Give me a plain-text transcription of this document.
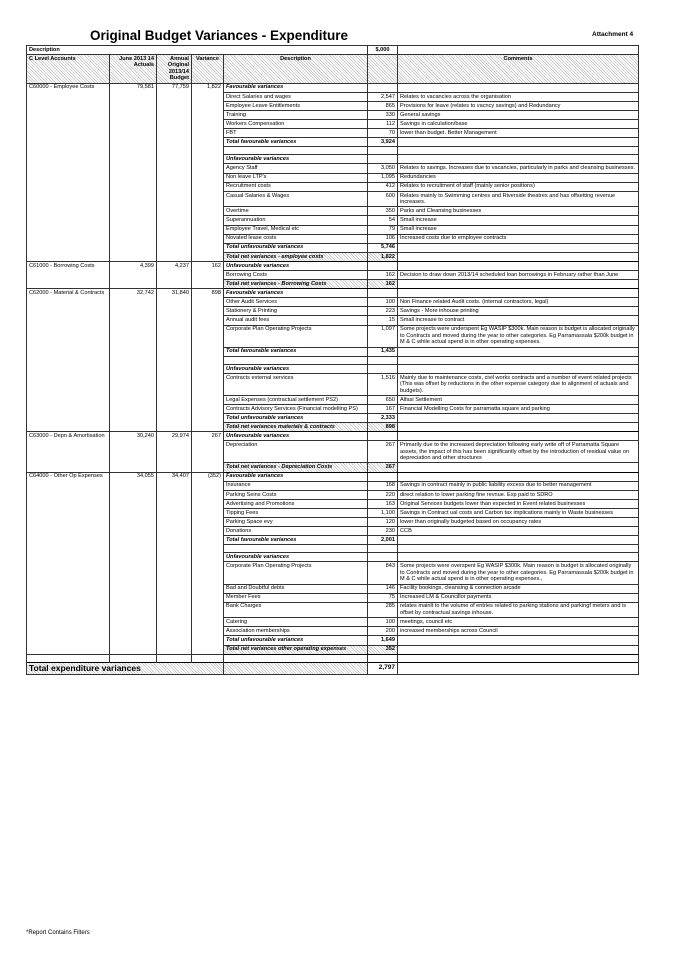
Original Budget Variances - Expenditure	Attachment 4
Description					$,000	
C Level Accounts	June 2013 14 Actuals	Annual Original 2013/14 Budget	Variance	Description		Comments
C60000 - Employee Costs	79,581	77,759	1,822	Favourable variances		
				Direct Salaries and wages	2,547	Relates to vacancies across the organisation
				Employee Leave Entitlements	865	Provisions for leave (relates to vacncy savings) and Redundancy
				Training	330	General savings
				Workers Compensation	112	Savings in calculation/base
				FBT	70	lower than budget. Better Management
				Total favourable variances	3,924	

				Unfavourable variances		
				Agency Staff	3,050	Relates to savings. Increases due to vacancies, particularly in parks and cleansing businesses.
				Non leave LTP's	1,095	Redundancies
				Recruitment costs	412	Relates to recruitment of staff (mainly senior positions)
				Casual Salaries & Wages	600	Relates mainly to Swimming centres and Riverside theatres and has offsetting revenue increases.
				Overtime	350	Parks and Cleansing businesses
				Superannuation	54	Small increase
				Employee Travel, Medical etc	79	Small increase
				Novated lease costs	106	Increased costs due to employee contracts
				Total unfavourable variances	5,746	
				Total net variances - employee costs	1,822	
C61000 - Borrowing Costs	4,399	4,237	162	Unfavourable variances		
				Borrowing Costs	162	Decision to draw down 2013/14 scheduled loan borrowings in February rather than June
				Total net variances - Borrowing Costs	162	
C62000 - Material & Contracts	32,742	31,840	898	Favourable variances		
				Other Audit Services	100	Non Finance related Audit costs. (internal contractors, legal)
				Stationery & Printing	223	Savings - More inhouse printing
				Annual audit fees	15	Small increase to contract
				Corporate Plan Operating Projects	1,097	Some projects were underspent Eg WASIP $300k. Main reason is budget is allocated originally to Contracts and moved during the year to other categories. Eg Parramassala $200k budget in M & C while actual spend is in other operating expenses.
				Total favourable variances	1,435	

				Unfavourable variances		
				Contracts external services	1,516	Mainly due to maintenance costs, civil works contracts and a number of event related projects (This was offset by reductions in the other expense category due to alignment of actuals and budgets).
				Legal Expenses (contractual settlement PS2)	650	Alfasi Settlement
				Contracts Advisory Services (Financial modelling PS)	167	Financial Modelling Costs for parramatta square and parking
				Total unfavourable variances	2,333	
				Total net variances materials & contracts	898	
C63000 - Depn & Amortisation	30,240	29,974	267	Unfavourable variances		
				Depreciation	267	Primarily due to the increased depreciation following early write off of Parramatta Square assets, the impact of this has been significantly offset by the introduction of residual value on depreciation and other structures
				Total net variances - Depreciation Costs	267	
C64000 - Other Op Expenses	34,055	34,407	(352)	Favourable variances		
				Insurance	168	Savings in contract mainly in public liability excess due to better management
				Parking Seins Costs	220	direct relation to lower parking fine revnue. Exp paid to SDRO
				Advertising and Promotions	163	Original Services budgets lower than expected in Event related businesses
				Tipping Fees	1,100	Savings in Contract ual costs and Carbon tax implications mainly in Waste businesses
				Parking Space evy	120	lower than originally budgeted based on occupancy rates
				Donations	230	CCB
				Total favourable variances	2,001	

				Unfavourable variances		
				Corporate Plan Operating Projects	843	Some projects were overspent Eg WASIP $300k. Main reason is budget is allocated originally to Contracts and moved during the year to other categories. Eg Parramassala $200k budget in M & C while actual spend is in other operating expenses.,
				Bad and Doubtful debts	146	Facility bookings, cleansing & connection arcade
				Member Fees	75	Increased LM & Councillor payments
				Bank Charges	285	relates mainlt to the volume of entries related to parking stations and parkingf meters and is offset by contractual savings inhouse.
				Catering	100	meetings, council etc
				Association memberships	200	increased memberships across Council
				Total unfavourable variances	1,649	
				Total net variances other operating expenses	352	

Total expenditure variances					2,797	
*Report Contains Filters
